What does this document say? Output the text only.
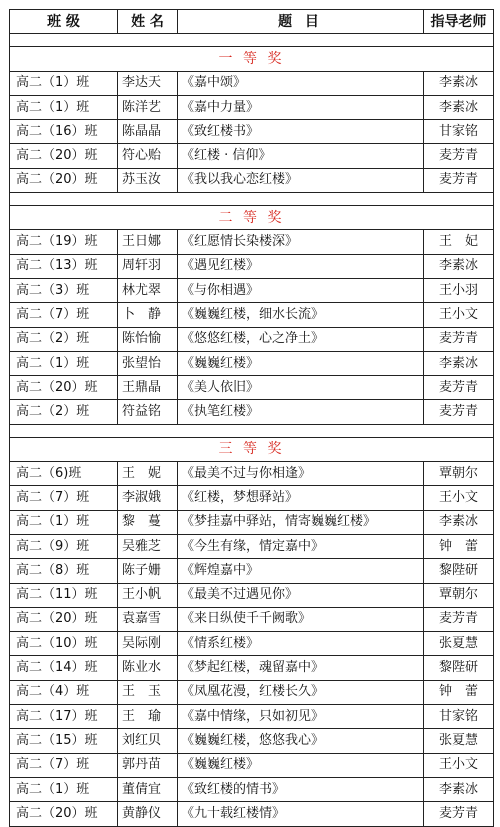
班 级	姓 名	题 目	指导老师

一 等 奖			
高二（1）班	李达天	《嘉中颂》	李素冰
高二（1）班	陈洋艺	《嘉中力量》	李素冰
高二（16）班	陈晶晶	《致红楼书》	甘家铭
高二（20）班	符心贻	《红楼 · 信仰》	麦芳青
高二（20）班	苏玉汝	《我以我心恋红楼》	麦芳青

二 等 奖			
高二（19）班	王日娜	《红愿情长染楼深》	王　妃
高二（13）班	周轩羽	《遇见红楼》	李素冰
高二（3）班	林尤翠	《与你相遇》	王小羽
高二（7）班	卜　静	《巍巍红楼，细水长流》	王小文
高二（2）班	陈怡愉	《悠悠红楼，心之净土》	麦芳青
高二（1）班	张望怡	《巍巍红楼》	李素冰
高二（20）班	王鼎晶	《美人依旧》	麦芳青
高二（2）班	符益铭	《执笔红楼》	麦芳青

三 等 奖			
高二（6)班	王　妮	《最美不过与你相逢》	覃朝尔
高二（7）班	李淑娥	《红楼，梦想驿站》	王小文
高二（1）班	黎　蔓	《梦挂嘉中驿站，情寄巍巍红楼》	李素冰
高二（9）班	吴雅芝	《今生有缘，情定嘉中》	钟　蕾
高二（8）班	陈子姗	《辉煌嘉中》	黎陛研
高二（11）班	王小帆	《最美不过遇见你》	覃朝尔
高二（20）班	袁嘉雪	《来日纵使千千阙歌》	麦芳青
高二（10）班	吴际刚	《情系红楼》	张夏慧
高二（14）班	陈业水	《梦起红楼，魂留嘉中》	黎陛研
高二（4）班	王　玉	《凤凰花漫，红楼长久》	钟　蕾
高二（17）班	王　瑜	《嘉中情缘，只如初见》	甘家铭
高二（15）班	刘红贝	《巍巍红楼，悠悠我心》	张夏慧
高二（7）班	郭丹苗	《巍巍红楼》	王小文
高二（1）班	董倩宜	《致红楼的情书》	李素冰
高二（20）班	黄静仪	《九十载红楼情》	麦芳青
